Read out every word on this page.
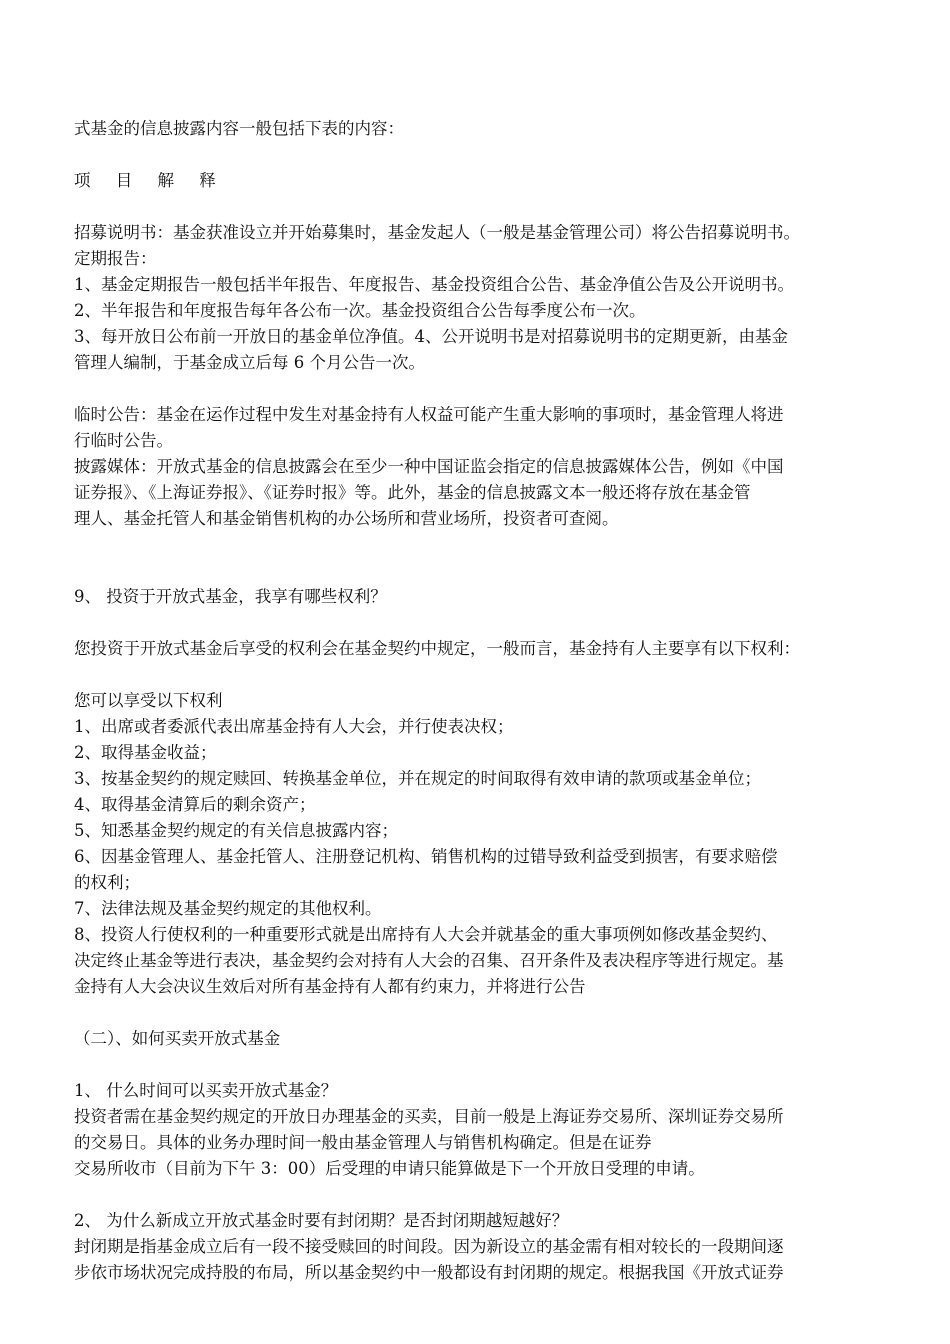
式基金的信息披露内容一般包括下表的内容：
项 目 解 释
招募说明书：基金获准设立并开始募集时，基金发起人（一般是基金管理公司）将公告招募说明书。
定期报告：
1、基金定期报告一般包括半年报告、年度报告、基金投资组合公告、基金净值公告及公开说明书。
2、半年报告和年度报告每年各公布一次。基金投资组合公告每季度公布一次。
3、每开放日公布前一开放日的基金单位净值。4、公开说明书是对招募说明书的定期更新，由基金
管理人编制，于基金成立后每 6 个月公告一次。
临时公告：基金在运作过程中发生对基金持有人权益可能产生重大影响的事项时，基金管理人将进
行临时公告。
披露媒体：开放式基金的信息披露会在至少一种中国证监会指定的信息披露媒体公告，例如《中国
证券报》、《上海证券报》、《证券时报》等。此外，基金的信息披露文本一般还将存放在基金管
理人、基金托管人和基金销售机构的办公场所和营业场所，投资者可查阅。
9、 投资于开放式基金，我享有哪些权利？
您投资于开放式基金后享受的权利会在基金契约中规定，一般而言，基金持有人主要享有以下权利：
您可以享受以下权利
1、出席或者委派代表出席基金持有人大会，并行使表决权；
2、取得基金收益；
3、按基金契约的规定赎回、转换基金单位，并在规定的时间取得有效申请的款项或基金单位；
4、取得基金清算后的剩余资产；
5、知悉基金契约规定的有关信息披露内容；
6、因基金管理人、基金托管人、注册登记机构、销售机构的过错导致利益受到损害，有要求赔偿
的权利；
7、法律法规及基金契约规定的其他权利。
8、投资人行使权利的一种重要形式就是出席持有人大会并就基金的重大事项例如修改基金契约、
决定终止基金等进行表决，基金契约会对持有人大会的召集、召开条件及表决程序等进行规定。基
金持有人大会决议生效后对所有基金持有人都有约束力，并将进行公告
（二）、如何买卖开放式基金
1、 什么时间可以买卖开放式基金？
投资者需在基金契约规定的开放日办理基金的买卖，目前一般是上海证券交易所、深圳证券交易所
的交易日。具体的业务办理时间一般由基金管理人与销售机构确定。但是在证券
交易所收市（目前为下午 3：00）后受理的申请只能算做是下一个开放日受理的申请。
2、 为什么新成立开放式基金时要有封闭期？是否封闭期越短越好？
封闭期是指基金成立后有一段不接受赎回的时间段。因为新设立的基金需有相对较长的一段期间逐
步依市场状况完成持股的布局，所以基金契约中一般都设有封闭期的规定。根据我国《开放式证券
